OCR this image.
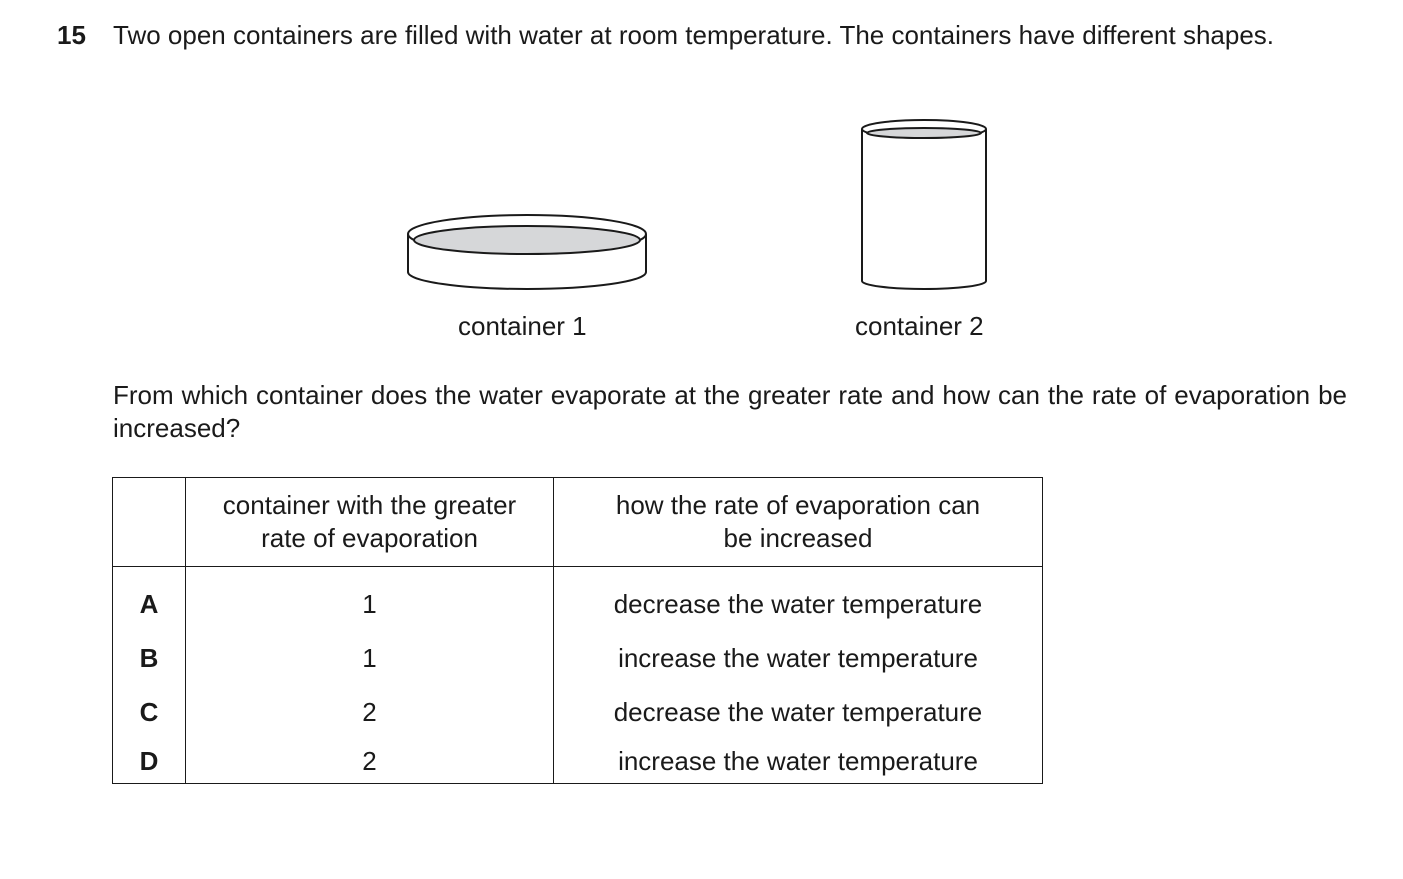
15 Two open containers are filled with water at room temperature. The containers have different shapes.
container 1	container 2
From which container does the water evaporate at the greater rate and how can the rate of evaporation be increased?

	container with the greater rate of evaporation	how the rate of evaporation can be increased

A	1	decrease the water temperature
B	1	increase the water temperature
C	2	decrease the water temperature
D	2	increase the water temperature
